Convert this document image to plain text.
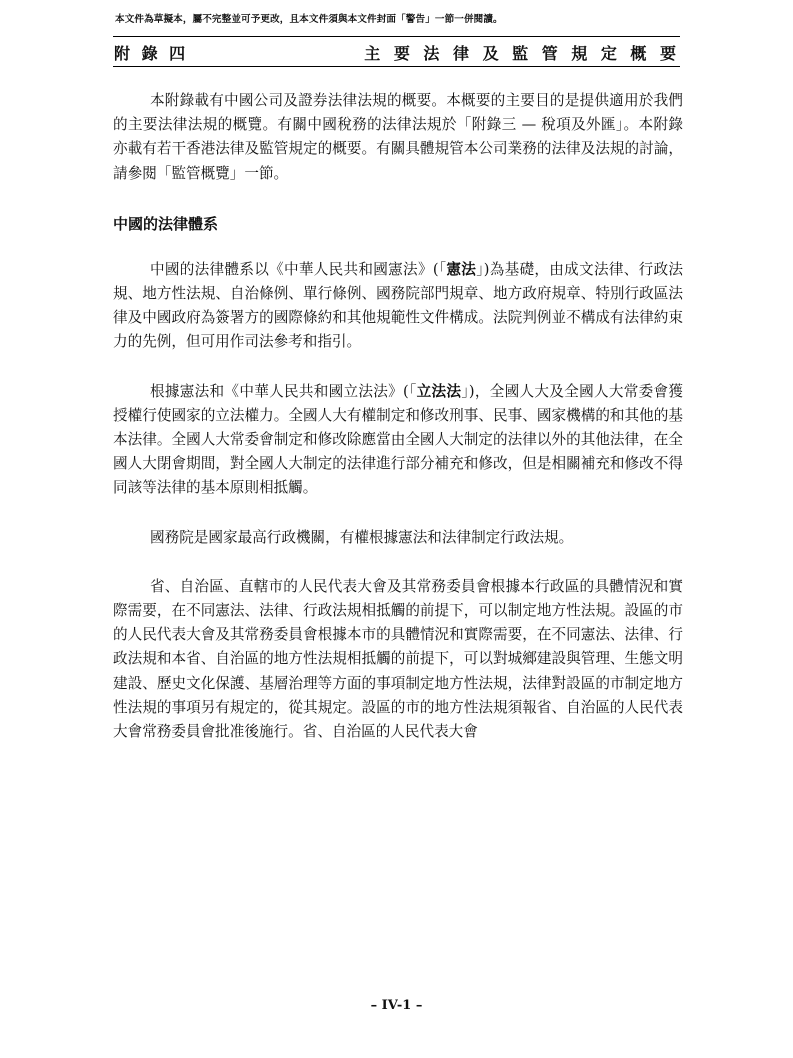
本文件為草擬本，屬不完整並可予更改，且本文件須與本文件封面「警告」一節一併閱讀。
附 錄 四	主 要 法 律 及 監 管 規 定 概 要

本附錄載有中國公司及證券法律法規的概要。本概要的主要目的是提供適用於我們的主要法律法規的概覽。有關中國稅務的法律法規於「附錄三 — 稅項及外匯」。本附錄亦載有若干香港法律及監管規定的概要。有關具體規管本公司業務的法律及法規的討論，請參閱「監管概覽」一節。

中國的法律體系

中國的法律體系以《中華人民共和國憲法》(「憲法」)為基礎，由成文法律、行政法規、地方性法規、自治條例、單行條例、國務院部門規章、地方政府規章、特別行政區法律及中國政府為簽署方的國際條約和其他規範性文件構成。法院判例並不構成有法律約束力的先例，但可用作司法參考和指引。

根據憲法和《中華人民共和國立法法》(「立法法」)，全國人大及全國人大常委會獲授權行使國家的立法權力。全國人大有權制定和修改刑事、民事、國家機構的和其他的基本法律。全國人大常委會制定和修改除應當由全國人大制定的法律以外的其他法律，在全國人大閉會期間，對全國人大制定的法律進行部分補充和修改，但是相關補充和修改不得同該等法律的基本原則相抵觸。

國務院是國家最高行政機關，有權根據憲法和法律制定行政法規。

省、自治區、直轄市的人民代表大會及其常務委員會根據本行政區的具體情況和實際需要，在不同憲法、法律、行政法規相抵觸的前提下，可以制定地方性法規。設區的市的人民代表大會及其常務委員會根據本市的具體情況和實際需要，在不同憲法、法律、行政法規和本省、自治區的地方性法規相抵觸的前提下，可以對城鄉建設與管理、生態文明建設、歷史文化保護、基層治理等方面的事項制定地方性法規，法律對設區的市制定地方性法規的事項另有規定的，從其規定。設區的市的地方性法規須報省、自治區的人民代表大會常務委員會批准後施行。省、自治區的人民代表大會

– IV-1 –
